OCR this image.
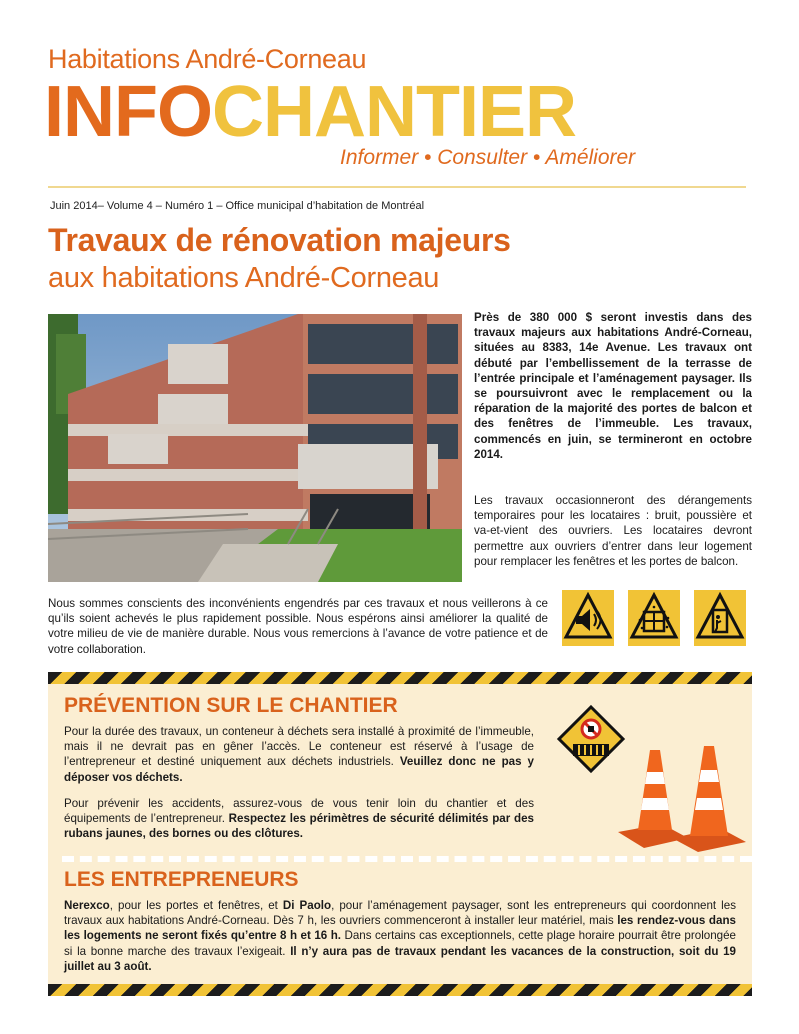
Habitations André-Corneau
INFOCHANTIER
Informer • Consulter • Améliorer
Juin 2014– Volume 4 – Numéro 1 – Office municipal d’habitation de Montréal
Travaux de rénovation majeurs
aux habitations André-Corneau
Près de 380 000 $ seront investis dans des travaux majeurs aux habitations André-Corneau, situées au 8383, 14e Avenue. Les travaux ont débuté par l’embellissement de la terrasse de l’entrée principale et l’aménagement paysager. Ils se poursuivront avec le remplacement ou la réparation de la majorité des portes de balcon et des fenêtres de l’immeuble. Les travaux, commencés en juin, se termineront en octobre 2014.
Les travaux occasionneront des dérangements temporaires pour les locataires : bruit, poussière et va-et-vient des ouvriers. Les locataires devront permettre aux ouvriers d’entrer dans leur logement pour remplacer les fenêtres et les portes de balcon.
Nous sommes conscients des inconvénients engendrés par ces travaux et nous veillerons à ce qu’ils soient achevés le plus rapidement possible. Nous espérons ainsi améliorer la qualité de votre milieu de vie de manière durable. Nous vous remercions à l’avance de votre patience et de votre collaboration.
PRÉVENTION SUR LE CHANTIER
Pour la durée des travaux, un conteneur à déchets sera installé à proximité de l’immeuble, mais il ne devrait pas en gêner l’accès. Le conteneur est réservé à l’usage de l’entrepreneur et destiné uniquement aux déchets industriels. Veuillez donc ne pas y déposer vos déchets.
Pour prévenir les accidents, assurez-vous de vous tenir loin du chantier et des équipements de l’entrepreneur. Respectez les périmètres de sécurité délimités par des rubans jaunes, des bornes ou des clôtures.
LES ENTREPRENEURS
Nerexco, pour les portes et fenêtres, et Di Paolo, pour l’aménagement paysager, sont les entrepreneurs qui coordonnent les travaux aux habitations André-Corneau. Dès 7 h, les ouvriers commenceront à installer leur matériel, mais les rendez-vous dans les logements ne seront fixés qu’entre 8 h et 16 h. Dans certains cas exceptionnels, cette plage horaire pourrait être prolongée si la bonne marche des travaux l’exigeait. Il n’y aura pas de travaux pendant les vacances de la construction, soit du 19 juillet au 3 août.
